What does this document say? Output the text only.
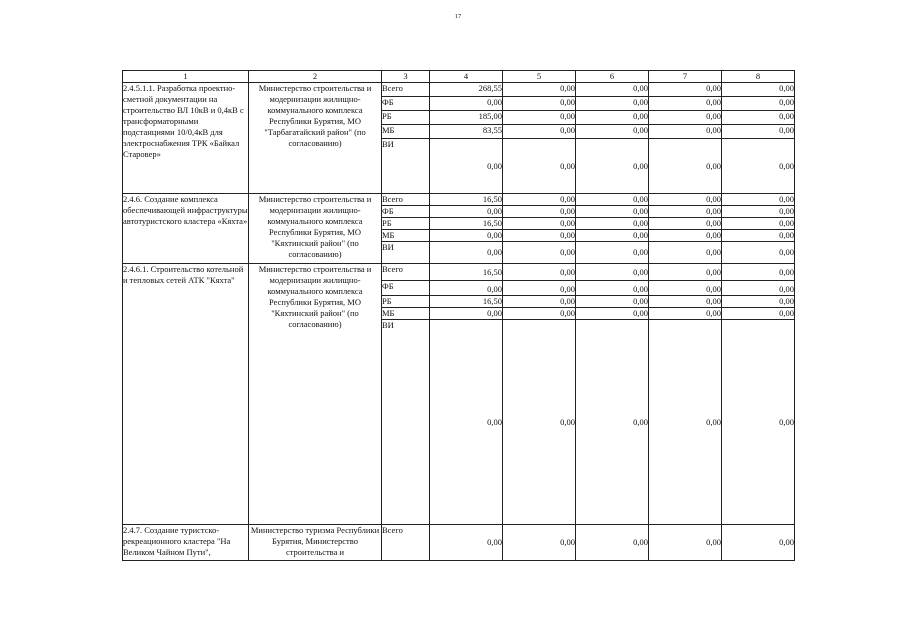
17
1	2	3	4	5	6	7	8
2.4.5.1.1. Разработка проектно-сметной документации на строительство ВЛ 10кВ и 0,4кВ с трансформаторными подстанциями 10/0,4кВ для электроснабжения ТРК «Байкал Старовер»	Министерство строительства и модернизации жилищно-коммунального комплекса Республики Бурятия, МО "Тарбагатайский район" (по согласованию)	Всего	268,55	0,00	0,00	0,00	0,00
		ФБ	0,00	0,00	0,00	0,00	0,00
		РБ	185,00	0,00	0,00	0,00	0,00
		МБ	83,55	0,00	0,00	0,00	0,00
		ВИ	0,00	0,00	0,00	0,00	0,00
2.4.6. Создание комплекса обеспечивающей инфраструктуры автотуристского кластера «Кяхта»	Министерство строительства и модернизации жилищно-коммунального комплекса Республики Бурятия, МО "Кяхтинский район" (по согласованию)	Всего	16,50	0,00	0,00	0,00	0,00
		ФБ	0,00	0,00	0,00	0,00	0,00
		РБ	16,50	0,00	0,00	0,00	0,00
		МБ	0,00	0,00	0,00	0,00	0,00
		ВИ	0,00	0,00	0,00	0,00	0,00
2.4.6.1. Строительство котельной и тепловых сетей АТК "Кяхта"	Министерство строительства и модернизации жилищно-коммунального комплекса Республики Бурятия, МО "Кяхтинский район" (по согласованию)	Всего	16,50	0,00	0,00	0,00	0,00
		ФБ	0,00	0,00	0,00	0,00	0,00
		РБ	16,50	0,00	0,00	0,00	0,00
		МБ	0,00	0,00	0,00	0,00	0,00
		ВИ	0,00	0,00	0,00	0,00	0,00
2.4.7. Создание туристско-рекреационного кластера "На Великом Чайном Пути",	Министерство туризма Республики Бурятия, Министерство строительства и	Всего	0,00	0,00	0,00	0,00	0,00
